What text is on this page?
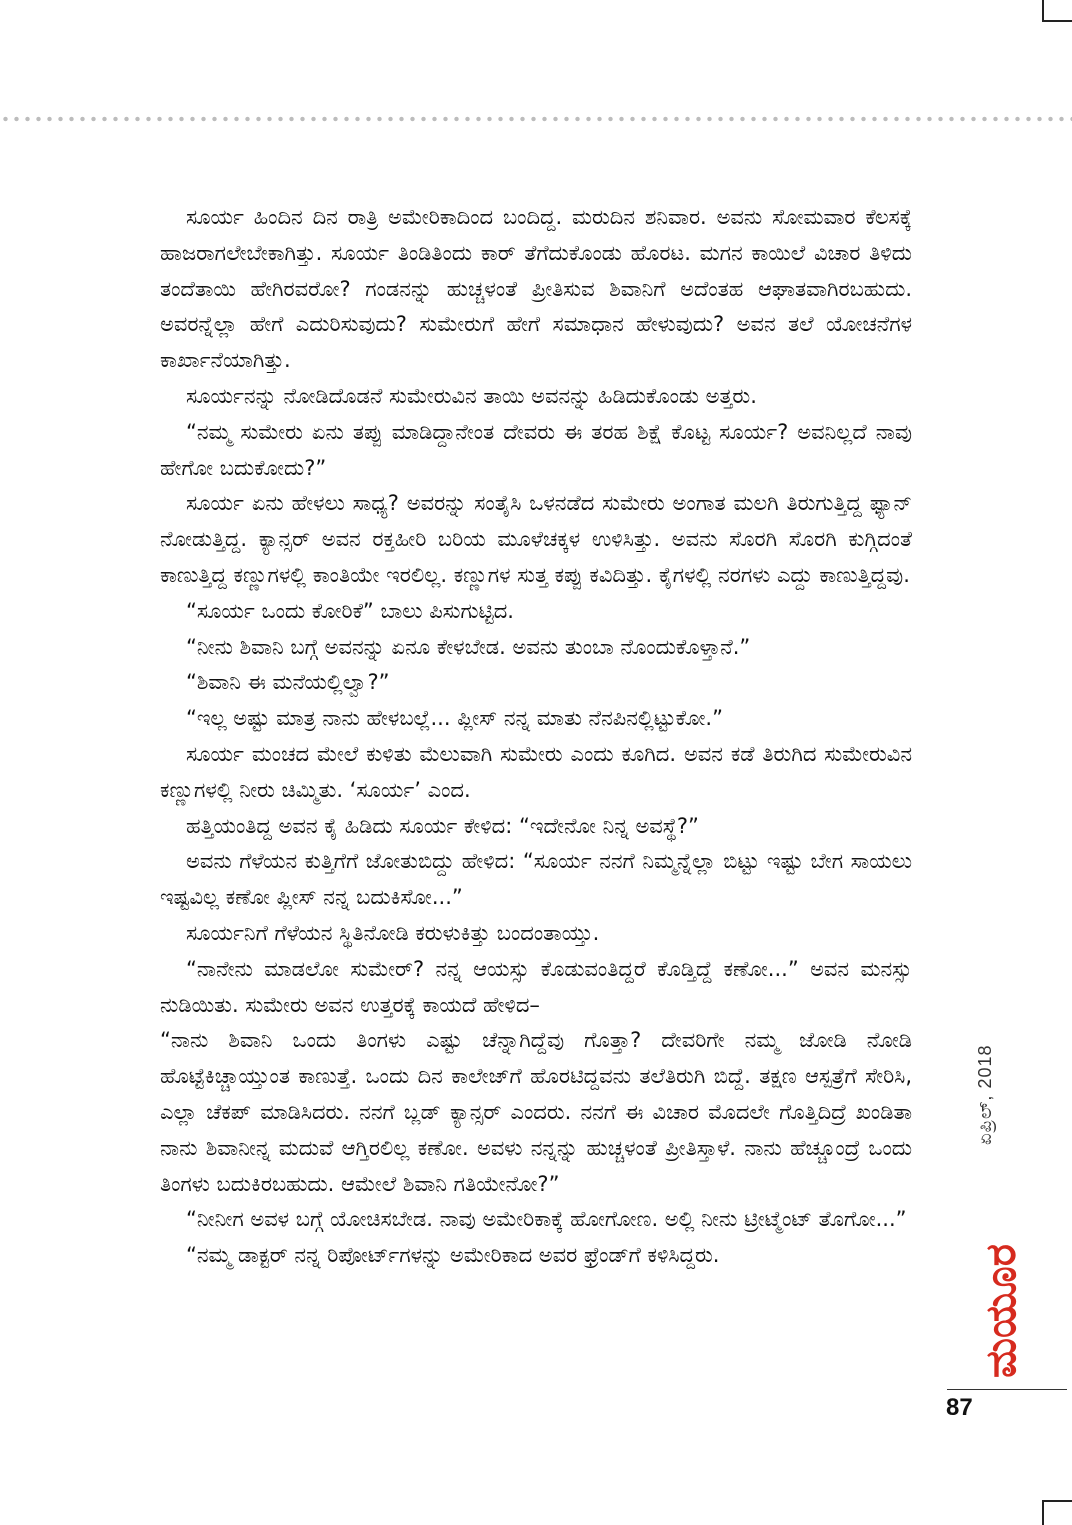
ಸೂರ್ಯ ಹಿಂದಿನ ದಿನ ರಾತ್ರಿ ಅಮೇರಿಕಾದಿಂದ ಬಂದಿದ್ದ. ಮರುದಿನ ಶನಿವಾರ. ಅವನು ಸೋಮವಾರ ಕೆಲಸಕ್ಕೆ ಹಾಜರಾಗಲೇಬೇಕಾಗಿತ್ತು. ಸೂರ್ಯ ತಿಂಡಿತಿಂದು ಕಾರ್ ತೆಗೆದುಕೊಂಡು ಹೊರಟ. ಮಗನ ಕಾಯಿಲೆ ವಿಚಾರ ತಿಳಿದು ತಂದೆತಾಯಿ ಹೇಗಿರವರೋ? ಗಂಡನನ್ನು ಹುಚ್ಚಳಂತೆ ಪ್ರೀತಿಸುವ ಶಿವಾನಿಗೆ ಅದೆಂತಹ ಆಘಾತವಾಗಿರಬಹುದು. ಅವರನ್ನೆಲ್ಲಾ ಹೇಗೆ ಎದುರಿಸುವುದು? ಸುಮೇರುಗೆ ಹೇಗೆ ಸಮಾಧಾನ ಹೇಳುವುದು? ಅವನ ತಲೆ ಯೋಚನೆಗಳ ಕಾರ್ಖಾನೆಯಾಗಿತ್ತು.

ಸೂರ್ಯನನ್ನು ನೋಡಿದೊಡನೆ ಸುಮೇರುವಿನ ತಾಯಿ ಅವನನ್ನು ಹಿಡಿದುಕೊಂಡು ಅತ್ತರು.

“ನಮ್ಮ ಸುಮೇರು ಏನು ತಪ್ಪು ಮಾಡಿದ್ದಾನೇಂತ ದೇವರು ಈ ತರಹ ಶಿಕ್ಷೆ ಕೊಟ್ಟ ಸೂರ್ಯ? ಅವನಿಲ್ಲದೆ ನಾವು ಹೇಗೋ ಬದುಕೋದು?”

ಸೂರ್ಯ ಏನು ಹೇಳಲು ಸಾಧ್ಯ? ಅವರನ್ನು ಸಂತೈಸಿ ಒಳನಡೆದ ಸುಮೇರು ಅಂಗಾತ ಮಲಗಿ ತಿರುಗುತ್ತಿದ್ದ ಫ್ಯಾನ್ ನೋಡುತ್ತಿದ್ದ. ಕ್ಯಾನ್ಸರ್ ಅವನ ರಕ್ತಹೀರಿ ಬರಿಯ ಮೂಳೆಚಕ್ಕಳ ಉಳಿಸಿತ್ತು. ಅವನು ಸೊರಗಿ ಸೊರಗಿ ಕುಗ್ಗಿದಂತೆ ಕಾಣುತ್ತಿದ್ದ ಕಣ್ಣುಗಳಲ್ಲಿ ಕಾಂತಿಯೇ ಇರಲಿಲ್ಲ. ಕಣ್ಣುಗಳ ಸುತ್ತ ಕಪ್ಪು ಕವಿದಿತ್ತು. ಕೈಗಳಲ್ಲಿ ನರಗಳು ಎದ್ದು ಕಾಣುತ್ತಿದ್ದವು.

“ಸೂರ್ಯ ಒಂದು ಕೋರಿಕೆ” ಬಾಲು ಪಿಸುಗುಟ್ಟಿದ.

“ನೀನು ಶಿವಾನಿ ಬಗ್ಗೆ ಅವನನ್ನು ಏನೂ ಕೇಳಬೇಡ. ಅವನು ತುಂಬಾ ನೊಂದುಕೊಳ್ತಾನೆ.”

“ಶಿವಾನಿ ಈ ಮನೆಯಲ್ಲಿಲ್ವಾ?”

“ಇಲ್ಲ ಅಷ್ಟು ಮಾತ್ರ ನಾನು ಹೇಳಬಲ್ಲೆ... ಪ್ಲೀಸ್ ನನ್ನ ಮಾತು ನೆನಪಿನಲ್ಲಿಟ್ಟುಕೋ.”

ಸೂರ್ಯ ಮಂಚದ ಮೇಲೆ ಕುಳಿತು ಮೆಲುವಾಗಿ ಸುಮೇರು ಎಂದು ಕೂಗಿದ. ಅವನ ಕಡೆ ತಿರುಗಿದ ಸುಮೇರುವಿನ ಕಣ್ಣುಗಳಲ್ಲಿ ನೀರು ಚಿಮ್ಮಿತು. ‘ಸೂರ್ಯ’ ಎಂದ.

ಹತ್ತಿಯಂತಿದ್ದ ಅವನ ಕೈ ಹಿಡಿದು ಸೂರ್ಯ ಕೇಳಿದ: “ಇದೇನೋ ನಿನ್ನ ಅವಸ್ಥೆ?”

ಅವನು ಗೆಳೆಯನ ಕುತ್ತಿಗೆಗೆ ಜೋತುಬಿದ್ದು ಹೇಳಿದ: “ಸೂರ್ಯ ನನಗೆ ನಿಮ್ಮನ್ನೆಲ್ಲಾ ಬಿಟ್ಟು ಇಷ್ಟು ಬೇಗ ಸಾಯಲು ಇಷ್ಟವಿಲ್ಲ ಕಣೋ ಪ್ಲೀಸ್ ನನ್ನ ಬದುಕಿಸೋ...”

ಸೂರ್ಯನಿಗೆ ಗೆಳೆಯನ ಸ್ಥಿತಿನೋಡಿ ಕರುಳುಕಿತ್ತು ಬಂದಂತಾಯ್ತು.

“ನಾನೇನು ಮಾಡಲೋ ಸುಮೇರ್? ನನ್ನ ಆಯಸ್ಸು ಕೊಡುವಂತಿದ್ದರೆ ಕೊಡ್ತಿದ್ದೆ ಕಣೋ...” ಅವನ ಮನಸ್ಸು ನುಡಿಯಿತು. ಸುಮೇರು ಅವನ ಉತ್ತರಕ್ಕೆ ಕಾಯದೆ ಹೇಳಿದ–

“ನಾನು ಶಿವಾನಿ ಒಂದು ತಿಂಗಳು ಎಷ್ಟು ಚೆನ್ನಾಗಿದ್ದೆವು ಗೊತ್ತಾ? ದೇವರಿಗೇ ನಮ್ಮ ಜೋಡಿ ನೋಡಿ ಹೊಟ್ಟೆಕಿಚ್ಚಾಯ್ತುಂತ ಕಾಣುತ್ತೆ. ಒಂದು ದಿನ ಕಾಲೇಜ್‌ಗೆ ಹೊರಟಿದ್ದವನು ತಲೆತಿರುಗಿ ಬಿದ್ದೆ. ತಕ್ಷಣ ಆಸ್ಪತ್ರೆಗೆ ಸೇರಿಸಿ, ಎಲ್ಲಾ ಚೆಕಪ್ ಮಾಡಿಸಿದರು. ನನಗೆ ಬ್ಲಡ್ ಕ್ಯಾನ್ಸರ್ ಎಂದರು. ನನಗೆ ಈ ವಿಚಾರ ಮೊದಲೇ ಗೊತ್ತಿದಿದ್ರೆ ಖಂಡಿತಾ ನಾನು ಶಿವಾನೀನ್ನ ಮದುವೆ ಆಗ್ತಿರಲಿಲ್ಲ ಕಣೋ. ಅವಳು ನನ್ನನ್ನು ಹುಚ್ಚಳಂತೆ ಪ್ರೀತಿಸ್ತಾಳೆ. ನಾನು ಹೆಚ್ಚೂಂದ್ರೆ ಒಂದು ತಿಂಗಳು ಬದುಕಿರಬಹುದು. ಆಮೇಲೆ ಶಿವಾನಿ ಗತಿಯೇನೋ?”

“ನೀನೀಗ ಅವಳ ಬಗ್ಗೆ ಯೋಚಿಸಬೇಡ. ನಾವು ಅಮೇರಿಕಾಕ್ಕೆ ಹೋಗೋಣ. ಅಲ್ಲಿ ನೀನು ಟ್ರೀಟ್ಮೆಂಟ್ ತೊಗೋ...”

“ನಮ್ಮ ಡಾಕ್ಟರ್ ನನ್ನ ರಿಪೋರ್ಟ್‌ಗಳನ್ನು ಅಮೇರಿಕಾದ ಅವರ ಫ್ರೆಂಡ್‌ಗೆ ಕಳಿಸಿದ್ದರು.

ಏಪ್ರಿಲ್, 2018
ಮಯೂರ
87
